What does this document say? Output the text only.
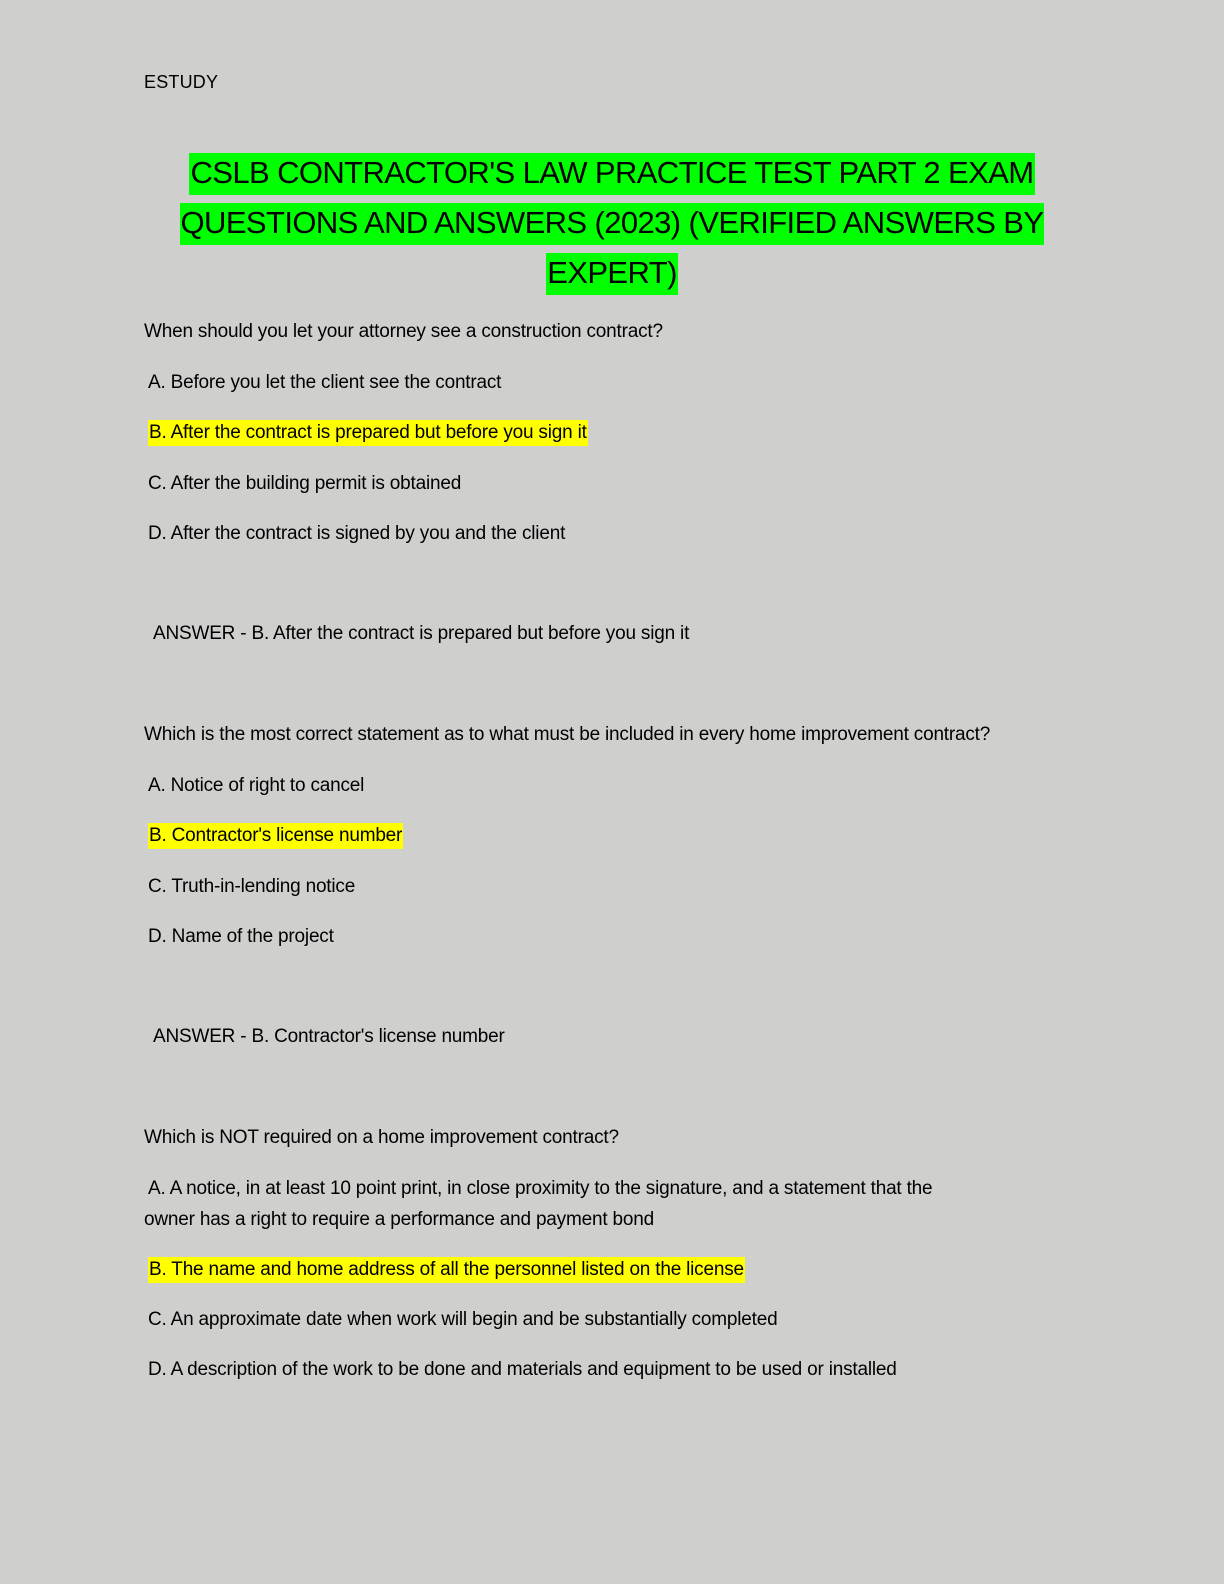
ESTUDY
CSLB CONTRACTOR'S LAW PRACTICE TEST PART 2 EXAM
QUESTIONS AND ANSWERS (2023) (VERIFIED ANSWERS BY
EXPERT)
When should you let your attorney see a construction contract?
A. Before you let the client see the contract
B. After the contract is prepared but before you sign it
C. After the building permit is obtained
D. After the contract is signed by you and the client
ANSWER - B. After the contract is prepared but before you sign it
Which is the most correct statement as to what must be included in every home improvement contract?
A. Notice of right to cancel
B. Contractor's license number
C. Truth-in-lending notice
D. Name of the project
ANSWER - B. Contractor's license number
Which is NOT required on a home improvement contract?
A. A notice, in at least 10 point print, in close proximity to the signature, and a statement that the
owner has a right to require a performance and payment bond
B. The name and home address of all the personnel listed on the license
C. An approximate date when work will begin and be substantially completed
D. A description of the work to be done and materials and equipment to be used or installed
